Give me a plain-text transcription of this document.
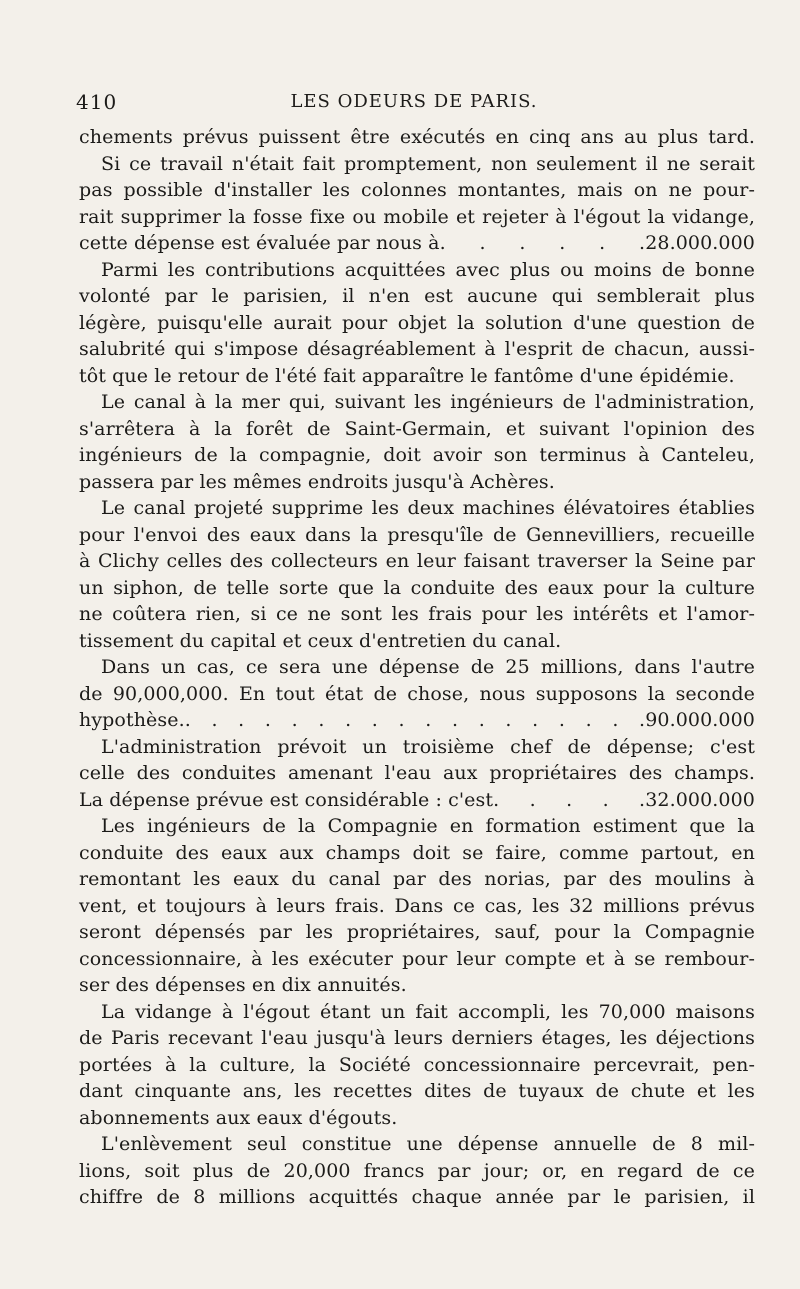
410	LES ODEURS DE PARIS.
chements prévus puissent être exécutés en cinq ans au plus tard.
Si ce travail n'était fait promptement, non seulement il ne serait
pas possible d'installer les colonnes montantes, mais on ne pour-
rait supprimer la fosse fixe ou mobile et rejeter à l'égout la vidange,
cette dépense est évaluée par nous à . . . . . . 28.000.000
Parmi les contributions acquittées avec plus ou moins de bonne
volonté par le parisien, il n'en est aucune qui semblerait plus
légère, puisqu'elle aurait pour objet la solution d'une question de
salubrité qui s'impose désagréablement à l'esprit de chacun, aussi-
tôt que le retour de l'été fait apparaître le fantôme d'une épidémie.
Le canal à la mer qui, suivant les ingénieurs de l'administration,
s'arrêtera à la forêt de Saint-Germain, et suivant l'opinion des
ingénieurs de la compagnie, doit avoir son terminus à Canteleu,
passera par les mêmes endroits jusqu'à Achères.
Le canal projeté supprime les deux machines élévatoires établies
pour l'envoi des eaux dans la presqu'île de Gennevilliers, recueille
à Clichy celles des collecteurs en leur faisant traverser la Seine par
un siphon, de telle sorte que la conduite des eaux pour la culture
ne coûtera rien, si ce ne sont les frais pour les intérêts et l'amor-
tissement du capital et ceux d'entretien du canal.
Dans un cas, ce sera une dépense de 25 millions, dans l'autre
de 90,000,000. En tout état de chose, nous supposons la seconde
hypothèse. . . . . . . . . . . . . . . . . . . 90.000.000
L'administration prévoit un troisième chef de dépense; c'est
celle des conduites amenant l'eau aux propriétaires des champs.
La dépense prévue est considérable : c'est . . . . . 32.000.000
Les ingénieurs de la Compagnie en formation estiment que la
conduite des eaux aux champs doit se faire, comme partout, en
remontant les eaux du canal par des norias, par des moulins à
vent, et toujours à leurs frais. Dans ce cas, les 32 millions prévus
seront dépensés par les propriétaires, sauf, pour la Compagnie
concessionnaire, à les exécuter pour leur compte et à se rembour-
ser des dépenses en dix annuités.
La vidange à l'égout étant un fait accompli, les 70,000 maisons
de Paris recevant l'eau jusqu'à leurs derniers étages, les déjections
portées à la culture, la Société concessionnaire percevrait, pen-
dant cinquante ans, les recettes dites de tuyaux de chute et les
abonnements aux eaux d'égouts.
L'enlèvement seul constitue une dépense annuelle de 8 mil-
lions, soit plus de 20,000 francs par jour; or, en regard de ce
chiffre de 8 millions acquittés chaque année par le parisien, il
